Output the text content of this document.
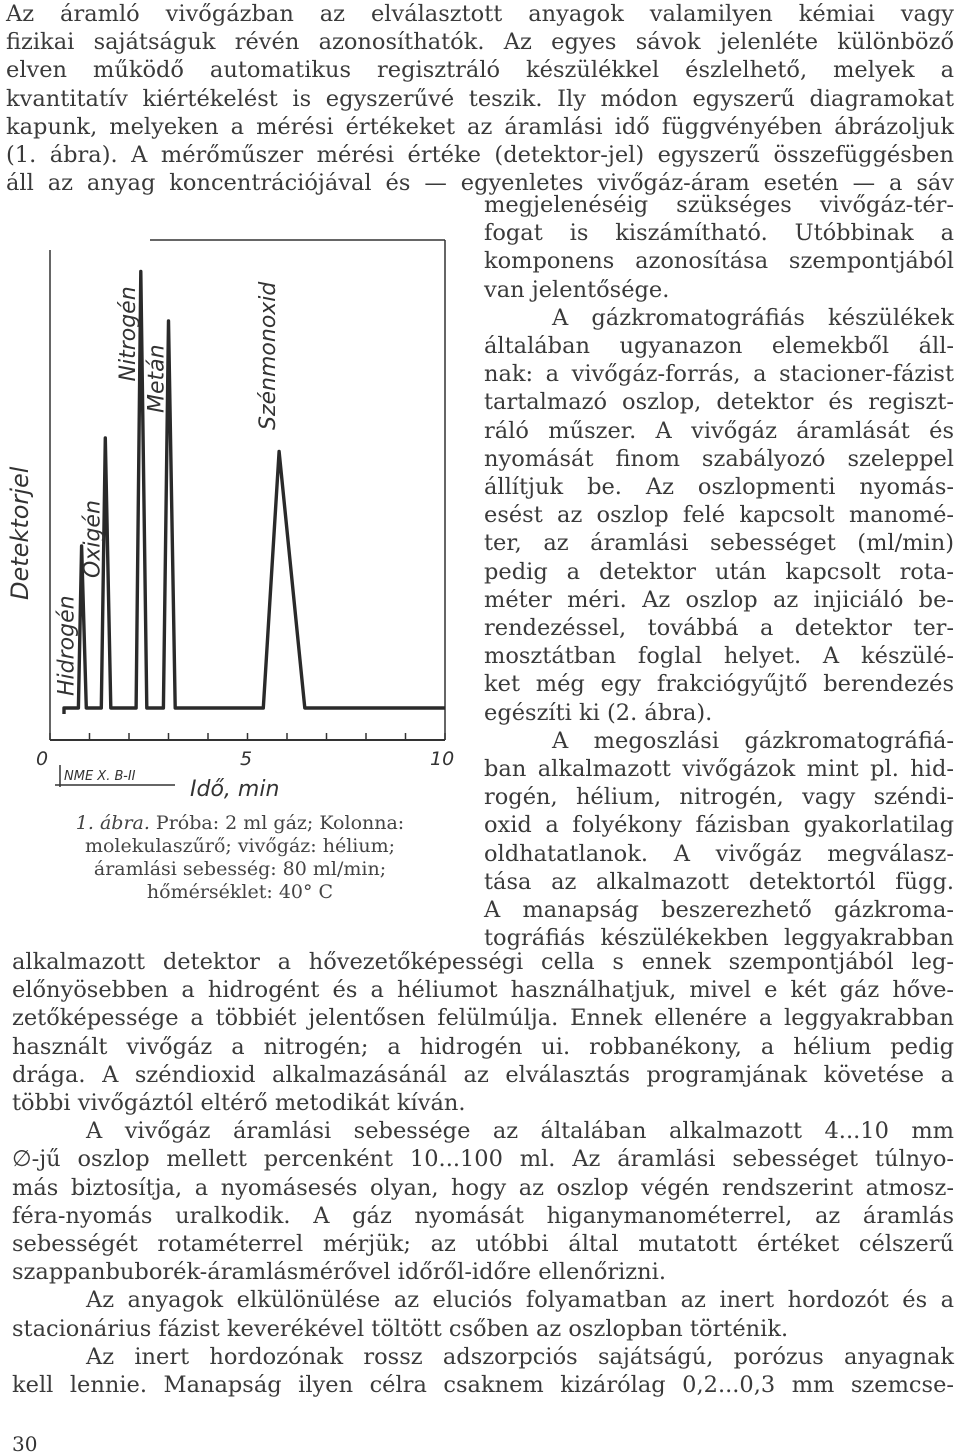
Az áramló vivőgázban az elválasztott anyagok valamilyen kémiai vagy
fizikai sajátságuk révén azonosíthatók. Az egyes sávok jelenléte különböző
elven működő automatikus regisztráló készülékkel észlelhető, melyek a
kvantitatív kiértékelést is egyszerűvé teszik. Ily módon egyszerű diagramokat
kapunk, melyeken a mérési értékeket az áramlási idő függvényében ábrázoljuk
(1. ábra). A mérőműszer mérési értéke (detektor-jel) egyszerű összefüggésben
áll az anyag koncentrációjával és — egyenletes vivőgáz-áram esetén — a sáv
megjelenéséig szükséges vivőgáz-tér-
fogat is kiszámítható. Utóbbinak a
komponens azonosítása szempontjából
van jelentősége.
A gázkromatográfiás készülékek
általában ugyanazon elemekből áll-
nak: a vivőgáz-forrás, a stacioner-fázist
tartalmazó oszlop, detektor és regiszt-
ráló műszer. A vivőgáz áramlását és
nyomását finom szabályozó szeleppel
állítjuk be. Az oszlopmenti nyomás-
esést az oszlop felé kapcsolt manomé-
ter, az áramlási sebességet (ml/min)
pedig a detektor után kapcsolt rota-
méter méri. Az oszlop az injiciáló be-
rendezéssel, továbbá a detektor ter-
mosztátban foglal helyet. A készülé-
ket még egy frakciógyűjtő berendezés
egészíti ki (2. ábra).
A megoszlási gázkromatográfiá-
ban alkalmazott vivőgázok mint pl. hid-
rogén, hélium, nitrogén, vagy széndi-
oxid a folyékony fázisban gyakorlatilag
oldhatatlanok. A vivőgáz megválasz-
tása az alkalmazott detektortól függ.
A manapság beszerezhető gázkroma-
tográfiás készülékekben leggyakrabban
alkalmazott detektor a hővezetőképességi cella s ennek szempontjából leg-
előnyösebben a hidrogént és a héliumot használhatjuk, mivel e két gáz hőve-
zetőképessége a többiét jelentősen felülmúlja. Ennek ellenére a leggyakrabban
használt vivőgáz a nitrogén; a hidrogén ui. robbanékony, a hélium pedig
drága. A széndioxid alkalmazásánál az elválasztás programjának követése a
többi vivőgáztól eltérő metodikát kíván.
A vivőgáz áramlási sebessége az általában alkalmazott 4...10 mm
∅-jű oszlop mellett percenként 10...100 ml. Az áramlási sebességet túlnyo-
más biztosítja, a nyomásesés olyan, hogy az oszlop végén rendszerint atmosz-
féra-nyomás uralkodik. A gáz nyomását higanymanométerrel, az áramlás
sebességét rotaméterrel mérjük; az utóbbi által mutatott értéket célszerű
szappanbuborék-áramlásmérővel időről-időre ellenőrizni.
Az anyagok elkülönülése az eluciós folyamatban az inert hordozót és a
stacionárius fázist keverékével töltött csőben az oszlopban történik.
Az inert hordozónak rossz adszorpciós sajátságú, porózus anyagnak
kell lennie. Manapság ilyen célra csaknem kizárólag 0,2...0,3 mm szemcse-
Hidrogén
Oxigén
Nitrogén Metán	Szénmonoxid
Detektorjel
0	5	10
NME X. B-II
Idő, min
1. ábra. Próba: 2 ml gáz; Kolonna:
molekulaszűrő; vivőgáz: hélium;
áramlási sebesség: 80 ml/min;
hőmérséklet: 40° C
30
